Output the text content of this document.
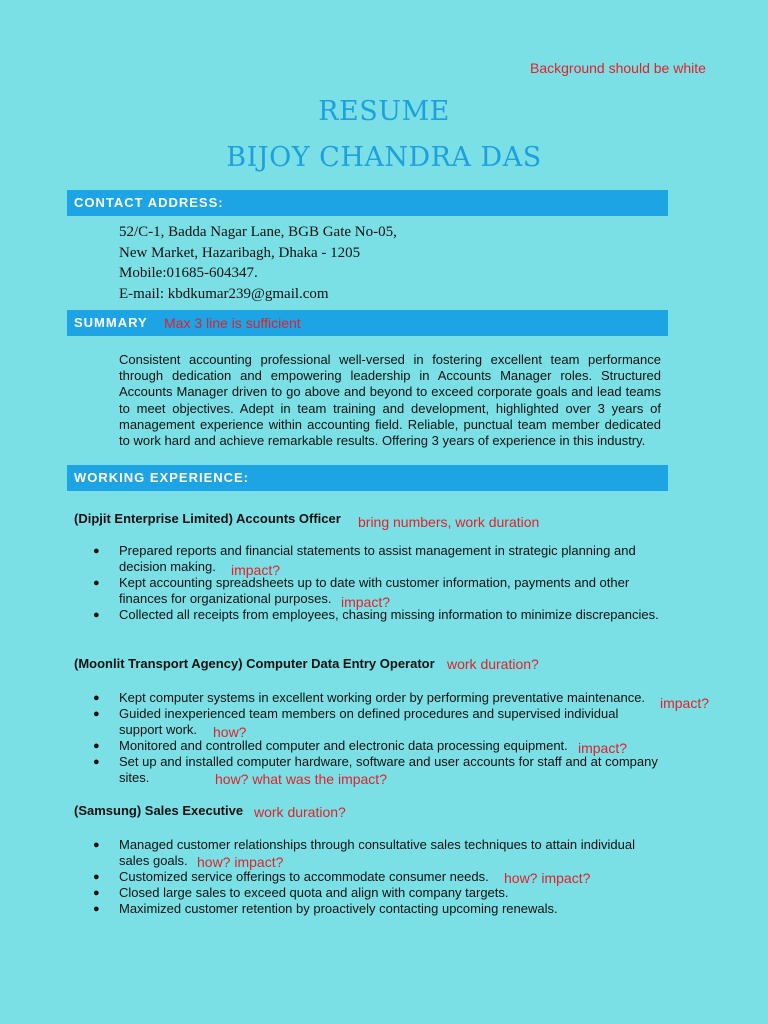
Background should be white
RESUME
BIJOY CHANDRA DAS
CONTACT ADDRESS:
52/C-1, Badda Nagar Lane, BGB Gate No-05,
New Market, Hazaribagh, Dhaka - 1205
Mobile:01685-604347.
E-mail: kbdkumar239@gmail.com
SUMMARY	Max 3 line is sufficient
Consistent accounting professional well-versed in fostering excellent team performance through dedication and empowering leadership in Accounts Manager roles. Structured Accounts Manager driven to go above and beyond to exceed corporate goals and lead teams to meet objectives. Adept in team training and development, highlighted over 3 years of management experience within accounting field. Reliable, punctual team member dedicated to work hard and achieve remarkable results. Offering 3 years of experience in this industry.
WORKING EXPERIENCE:
(Dipjit Enterprise Limited) Accounts Officer bring numbers, work duration
● Prepared reports and financial statements to assist management in strategic planning and decision making.
● Kept accounting spreadsheets up to date with customer information, payments and other finances for organizational purposes.
● Collected all receipts from employees, chasing missing information to minimize discrepancies.
impact?
impact?
(Moonlit Transport Agency) Computer Data Entry Operator work duration?
● Kept computer systems in excellent working order by performing preventative maintenance.
● Guided inexperienced team members on defined procedures and supervised individual support work.
● Monitored and controlled computer and electronic data processing equipment.
● Set up and installed computer hardware, software and user accounts for staff and at company sites.
impact?
how?
impact?
how? what was the impact?
(Samsung) Sales Executive work duration?
● Managed customer relationships through consultative sales techniques to attain individual sales goals.
● Customized service offerings to accommodate consumer needs.
● Closed large sales to exceed quota and align with company targets.
● Maximized customer retention by proactively contacting upcoming renewals.
how? impact?
how? impact?
